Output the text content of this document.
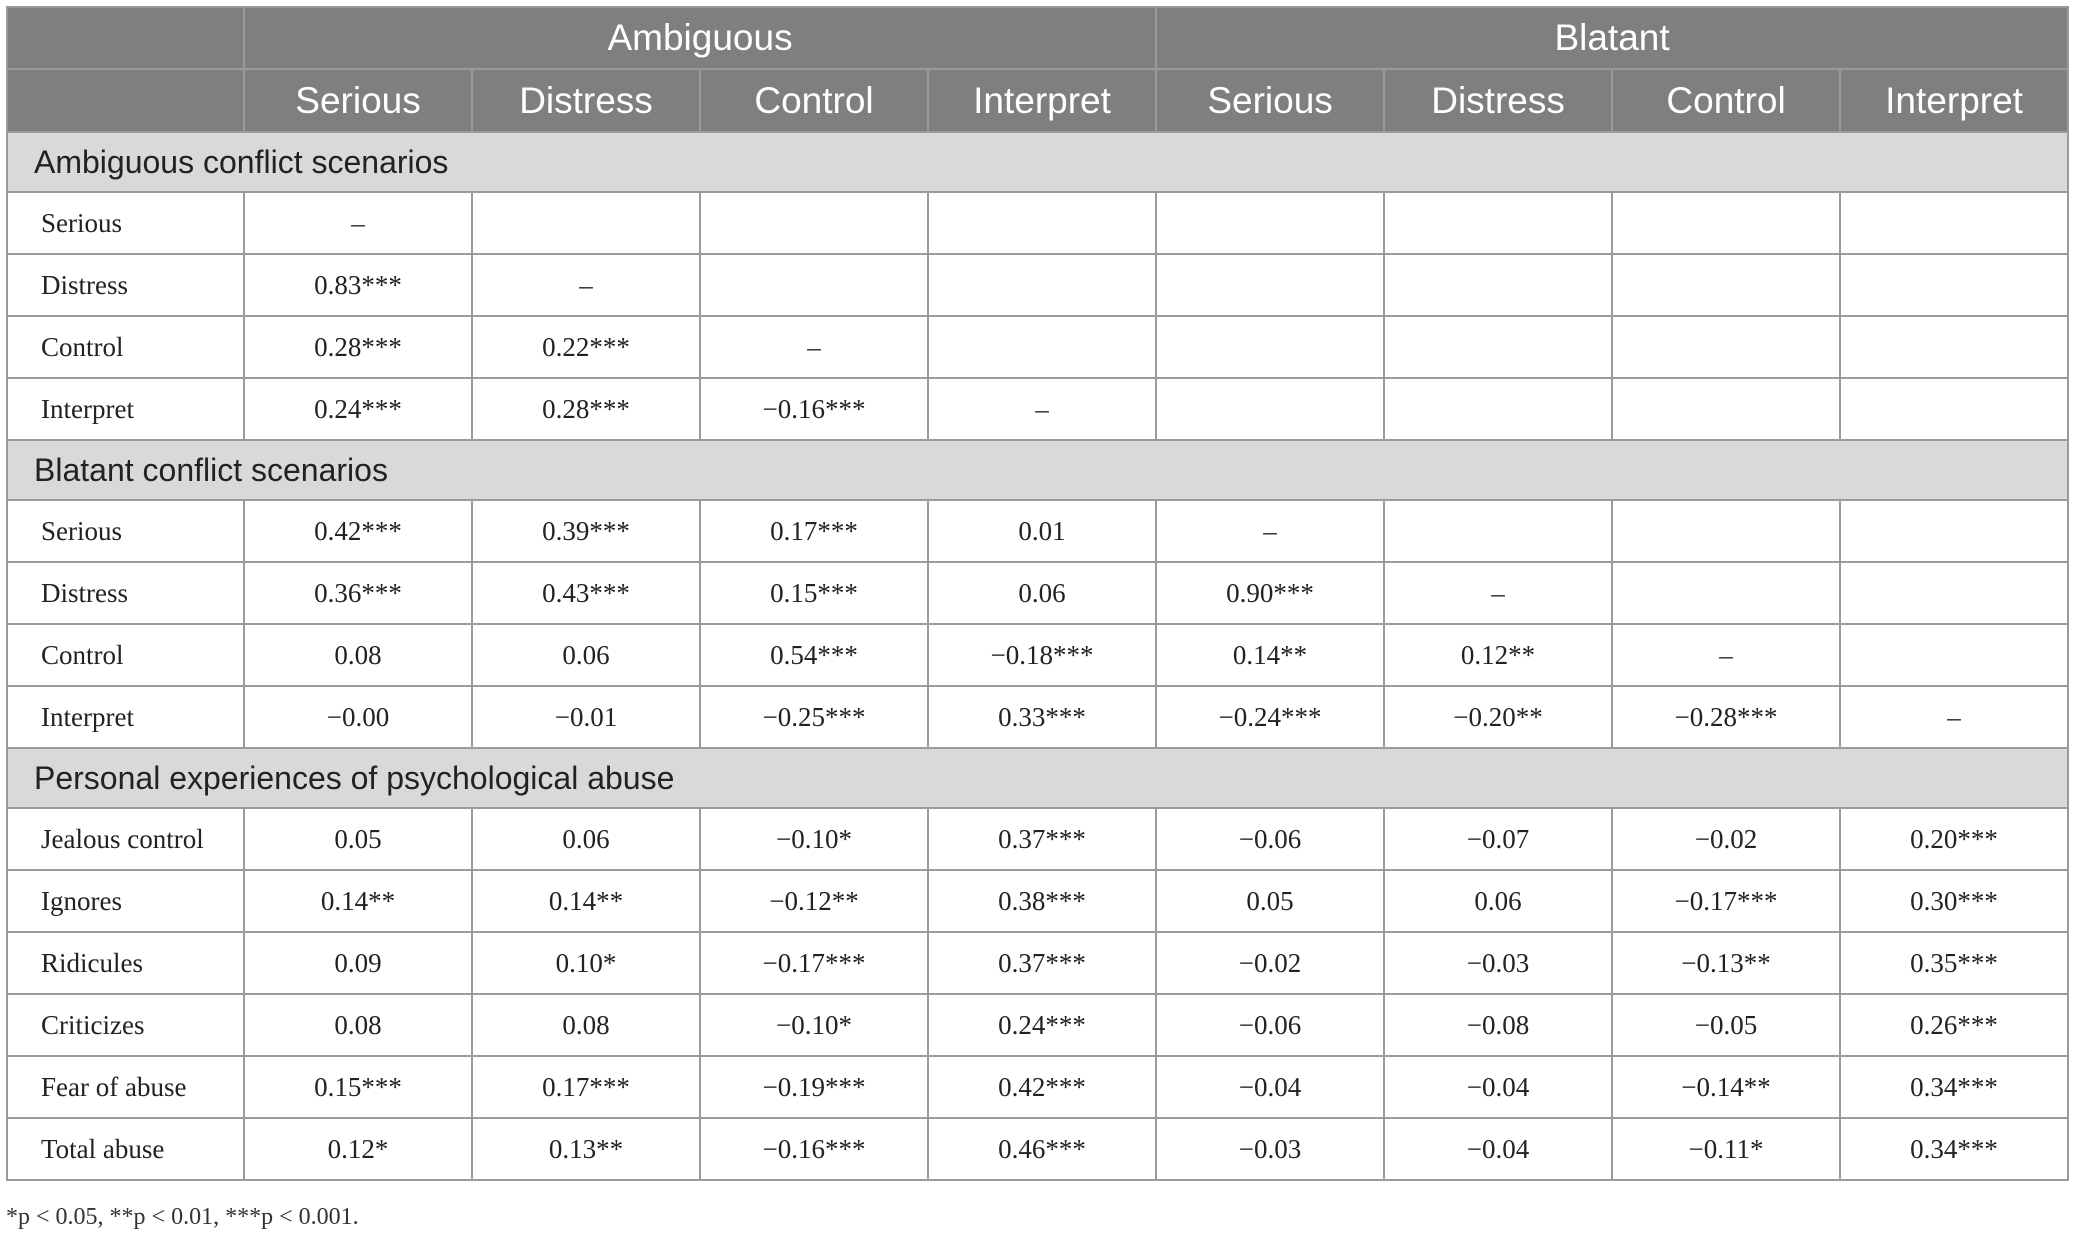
	Ambiguous				Blatant			
	Serious	Distress	Control	Interpret	Serious	Distress	Control	Interpret
Ambiguous conflict scenarios								
Serious	–							
Distress	0.83***	–						
Control	0.28***	0.22***	–					
Interpret	0.24***	0.28***	−0.16***	–				
Blatant conflict scenarios								
Serious	0.42***	0.39***	0.17***	0.01	–			
Distress	0.36***	0.43***	0.15***	0.06	0.90***	–		
Control	0.08	0.06	0.54***	−0.18***	0.14**	0.12**	–	
Interpret	−0.00	−0.01	−0.25***	0.33***	−0.24***	−0.20**	−0.28***	–
Personal experiences of psychological abuse								
Jealous control	0.05	0.06	−0.10*	0.37***	−0.06	−0.07	−0.02	0.20***
Ignores	0.14**	0.14**	−0.12**	0.38***	0.05	0.06	−0.17***	0.30***
Ridicules	0.09	0.10*	−0.17***	0.37***	−0.02	−0.03	−0.13**	0.35***
Criticizes	0.08	0.08	−0.10*	0.24***	−0.06	−0.08	−0.05	0.26***
Fear of abuse	0.15***	0.17***	−0.19***	0.42***	−0.04	−0.04	−0.14**	0.34***
Total abuse	0.12*	0.13**	−0.16***	0.46***	−0.03	−0.04	−0.11*	0.34***
*p < 0.05, **p < 0.01, ***p < 0.001.
